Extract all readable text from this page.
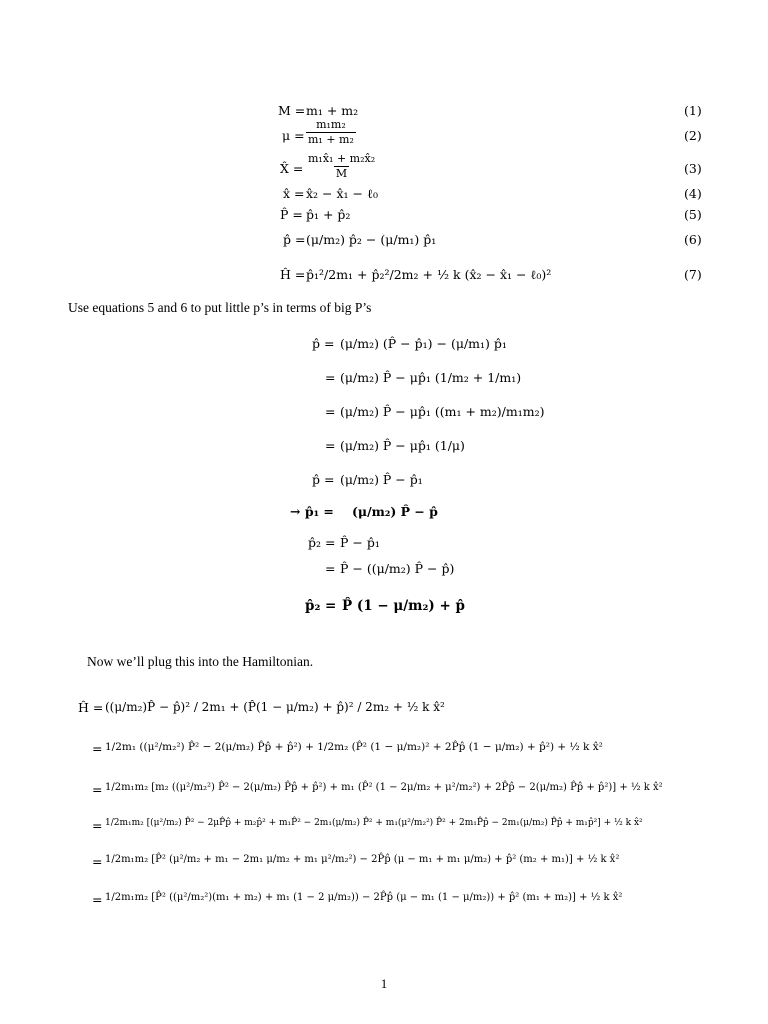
M = m₁ + m₂	(1)
$\mu = \frac{\text{m₁m₂}}{\text{m₁ + m₂}}$	(2)
X̂ = $\frac{\text{m₁x̂₁ + m₂x̂₂}}{M}$	(3)
x̂ = x̂₂ − x̂₁ − ℓ₀	(4)
P̂ = p̂₁ + p̂₂	(5)
p̂ = (μ/m₂) p̂₂ − (μ/m₁) p̂₁	(6)
Ĥ = p̂₁²/2m₁ + p̂₂²/2m₂ + ½ k (x̂₂ − x̂₁ − ℓ₀)²	(7)
Use equations 5 and 6 to put little p’s in terms of big P’s
p̂ = (μ/m₂) (P̂ − p̂₁) − (μ/m₁) p̂₁
= (μ/m₂) P̂ − μp̂₁ (1/m₂ + 1/m₁)
= (μ/m₂) P̂ − μp̂₁ ((m₁ + m₂)/m₁m₂)
= (μ/m₂) P̂ − μp̂₁ (1/μ)
p̂ = (μ/m₂) P̂ − p̂₁
→ p̂₁ = (μ/m₂) P̂ − p̂
p̂₂ = P̂ − p̂₁
= P̂ − ((μ/m₂) P̂ − p̂)
p̂₂ = P̂ (1 − μ/m₂) + p̂
Now we’ll plug this into the Hamiltonian.
Ĥ = ((μ/m₂)P̂ − p̂)² / 2m₁ + (P̂(1 − μ/m₂) + p̂)² / 2m₂ + ½ k x̂²
= 1/2m₁ ((μ²/m₂²) P̂² − 2(μ/m₂) P̂p̂ + p̂²) + 1/2m₂ (P̂² (1 − μ/m₂)² + 2P̂p̂ (1 − μ/m₂) + p̂²) + ½ k x̂²
= 1/2m₁m₂ [m₂ ((μ²/m₂²) P̂² − 2(μ/m₂) P̂p̂ + p̂²) + m₁ (P̂² (1 − 2μ/m₂ + μ²/m₂²) + 2P̂p̂ − 2(μ/m₂) P̂p̂ + p̂²)] + ½ k x̂²
= 1/2m₁m₂ [(μ²/m₂) P̂² − 2μP̂p̂ + m₂p̂² + m₁P̂² − 2m₁(μ/m₂) P̂² + m₁(μ²/m₂²) P̂² + 2m₁P̂p̂ − 2m₁(μ/m₂) P̂p̂ + m₁p̂²] + ½ k x̂²
= 1/2m₁m₂ [P̂² (μ²/m₂ + m₁ − 2m₁ μ/m₂ + m₁ μ²/m₂²) − 2P̂p̂ (μ − m₁ + m₁ μ/m₂) + p̂² (m₂ + m₁)] + ½ k x̂²
= 1/2m₁m₂ [P̂² ((μ²/m₂²)(m₁ + m₂) + m₁ (1 − 2 μ/m₂)) − 2P̂p̂ (μ − m₁ (1 − μ/m₂)) + p̂² (m₁ + m₂)] + ½ k x̂²
1
